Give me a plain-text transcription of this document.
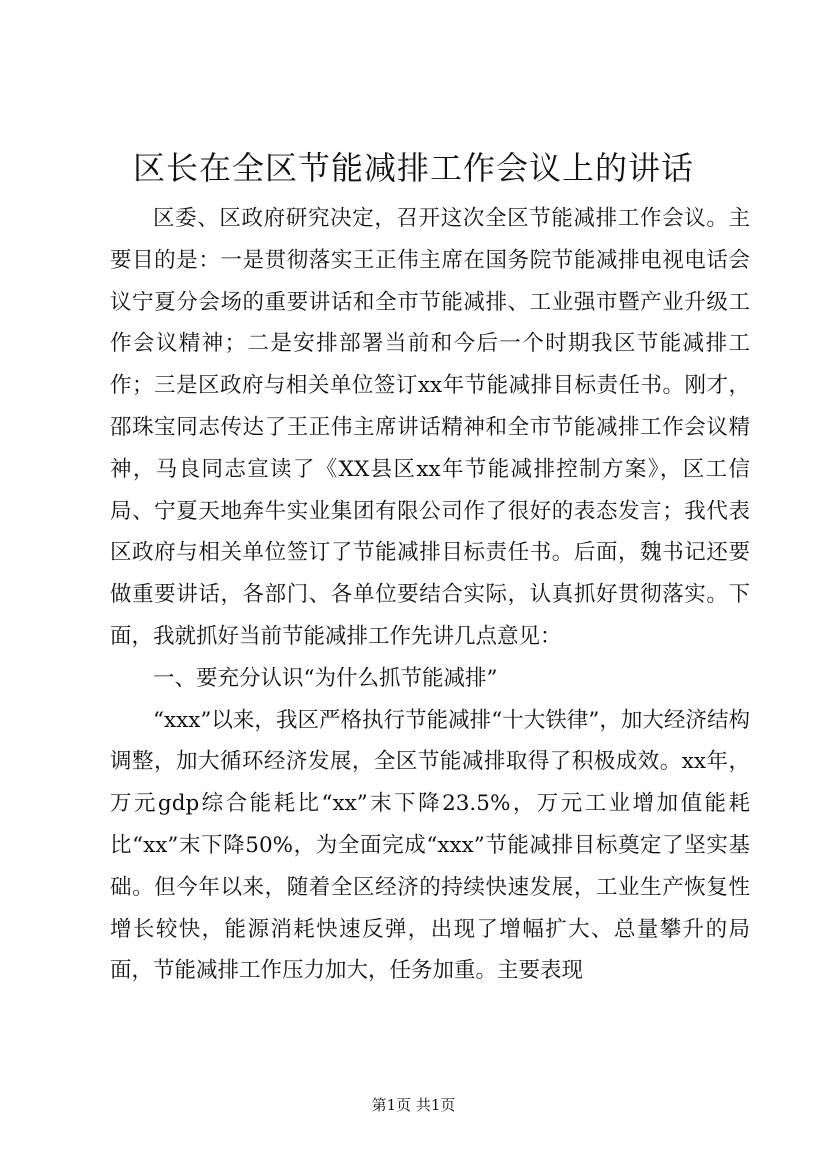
区长在全区节能减排工作会议上的讲话

区委、区政府研究决定，召开这次全区节能减排工作会议。主要目的是：一是贯彻落实王正伟主席在国务院节能减排电视电话会议宁夏分会场的重要讲话和全市节能减排、工业强市暨产业升级工作会议精神；二是安排部署当前和今后一个时期我区节能减排工作；三是区政府与相关单位签订xx年节能减排目标责任书。刚才，邵珠宝同志传达了王正伟主席讲话精神和全市节能减排工作会议精神，马良同志宣读了《XX县区xx年节能减排控制方案》，区工信局、宁夏天地奔牛实业集团有限公司作了很好的表态发言；我代表区政府与相关单位签订了节能减排目标责任书。后面，魏书记还要做重要讲话，各部门、各单位要结合实际，认真抓好贯彻落实。下面，我就抓好当前节能减排工作先讲几点意见：

一、要充分认识“为什么抓节能减排”

“xxx”以来，我区严格执行节能减排“十大铁律”，加大经济结构调整，加大循环经济发展，全区节能减排取得了积极成效。xx年，万元gdp综合能耗比“xx”末下降23.5%，万元工业增加值能耗比“xx”末下降50%，为全面完成“xxx”节能减排目标奠定了坚实基础。但今年以来，随着全区经济的持续快速发展，工业生产恢复性增长较快，能源消耗快速反弹，出现了增幅扩大、总量攀升的局面，节能减排工作压力加大，任务加重。主要表现

第1页 共1页
